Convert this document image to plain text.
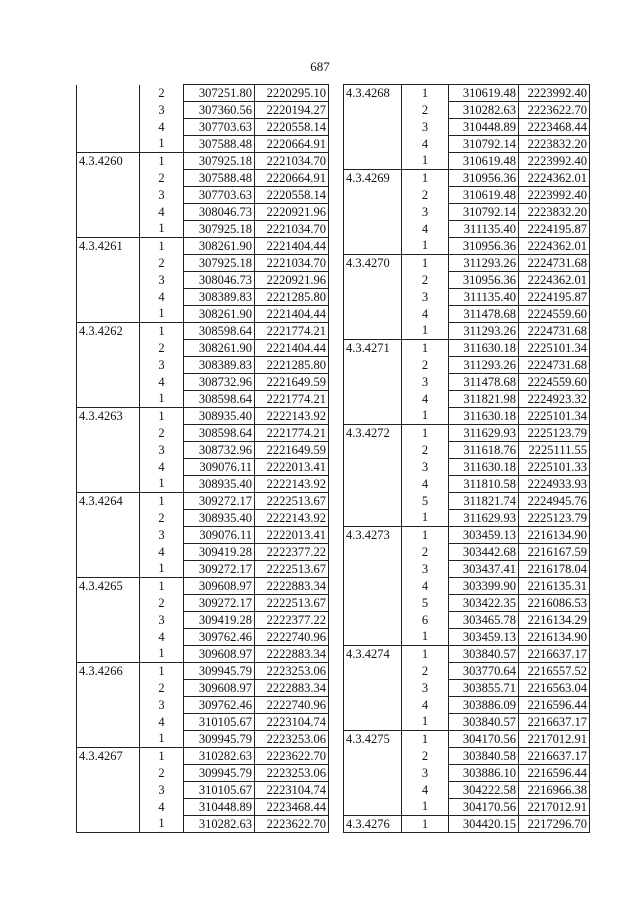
687
	2	307251.80	2220295.10
	3	307360.56	2220194.27
	4	307703.63	2220558.14
	1	307588.48	2220664.91
4.3.4260	1	307925.18	2221034.70
	2	307588.48	2220664.91
	3	307703.63	2220558.14
	4	308046.73	2220921.96
	1	307925.18	2221034.70
4.3.4261	1	308261.90	2221404.44
	2	307925.18	2221034.70
	3	308046.73	2220921.96
	4	308389.83	2221285.80
	1	308261.90	2221404.44
4.3.4262	1	308598.64	2221774.21
	2	308261.90	2221404.44
	3	308389.83	2221285.80
	4	308732.96	2221649.59
	1	308598.64	2221774.21
4.3.4263	1	308935.40	2222143.92
	2	308598.64	2221774.21
	3	308732.96	2221649.59
	4	309076.11	2222013.41
	1	308935.40	2222143.92
4.3.4264	1	309272.17	2222513.67
	2	308935.40	2222143.92
	3	309076.11	2222013.41
	4	309419.28	2222377.22
	1	309272.17	2222513.67
4.3.4265	1	309608.97	2222883.34
	2	309272.17	2222513.67
	3	309419.28	2222377.22
	4	309762.46	2222740.96
	1	309608.97	2222883.34
4.3.4266	1	309945.79	2223253.06
	2	309608.97	2222883.34
	3	309762.46	2222740.96
	4	310105.67	2223104.74
	1	309945.79	2223253.06
4.3.4267	1	310282.63	2223622.70
	2	309945.79	2223253.06
	3	310105.67	2223104.74
	4	310448.89	2223468.44
	1	310282.63	2223622.70
4.3.4268	1	310619.48	2223992.40
	2	310282.63	2223622.70
	3	310448.89	2223468.44
	4	310792.14	2223832.20
	1	310619.48	2223992.40
4.3.4269	1	310956.36	2224362.01
	2	310619.48	2223992.40
	3	310792.14	2223832.20
	4	311135.40	2224195.87
	1	310956.36	2224362.01
4.3.4270	1	311293.26	2224731.68
	2	310956.36	2224362.01
	3	311135.40	2224195.87
	4	311478.68	2224559.60
	1	311293.26	2224731.68
4.3.4271	1	311630.18	2225101.34
	2	311293.26	2224731.68
	3	311478.68	2224559.60
	4	311821.98	2224923.32
	1	311630.18	2225101.34
4.3.4272	1	311629.93	2225123.79
	2	311618.76	2225111.55
	3	311630.18	2225101.33
	4	311810.58	2224933.93
	5	311821.74	2224945.76
	1	311629.93	2225123.79
4.3.4273	1	303459.13	2216134.90
	2	303442.68	2216167.59
	3	303437.41	2216178.04
	4	303399.90	2216135.31
	5	303422.35	2216086.53
	6	303465.78	2216134.29
	1	303459.13	2216134.90
4.3.4274	1	303840.57	2216637.17
	2	303770.64	2216557.52
	3	303855.71	2216563.04
	4	303886.09	2216596.44
	1	303840.57	2216637.17
4.3.4275	1	304170.56	2217012.91
	2	303840.58	2216637.17
	3	303886.10	2216596.44
	4	304222.58	2216966.38
	1	304170.56	2217012.91
4.3.4276	1	304420.15	2217296.70
